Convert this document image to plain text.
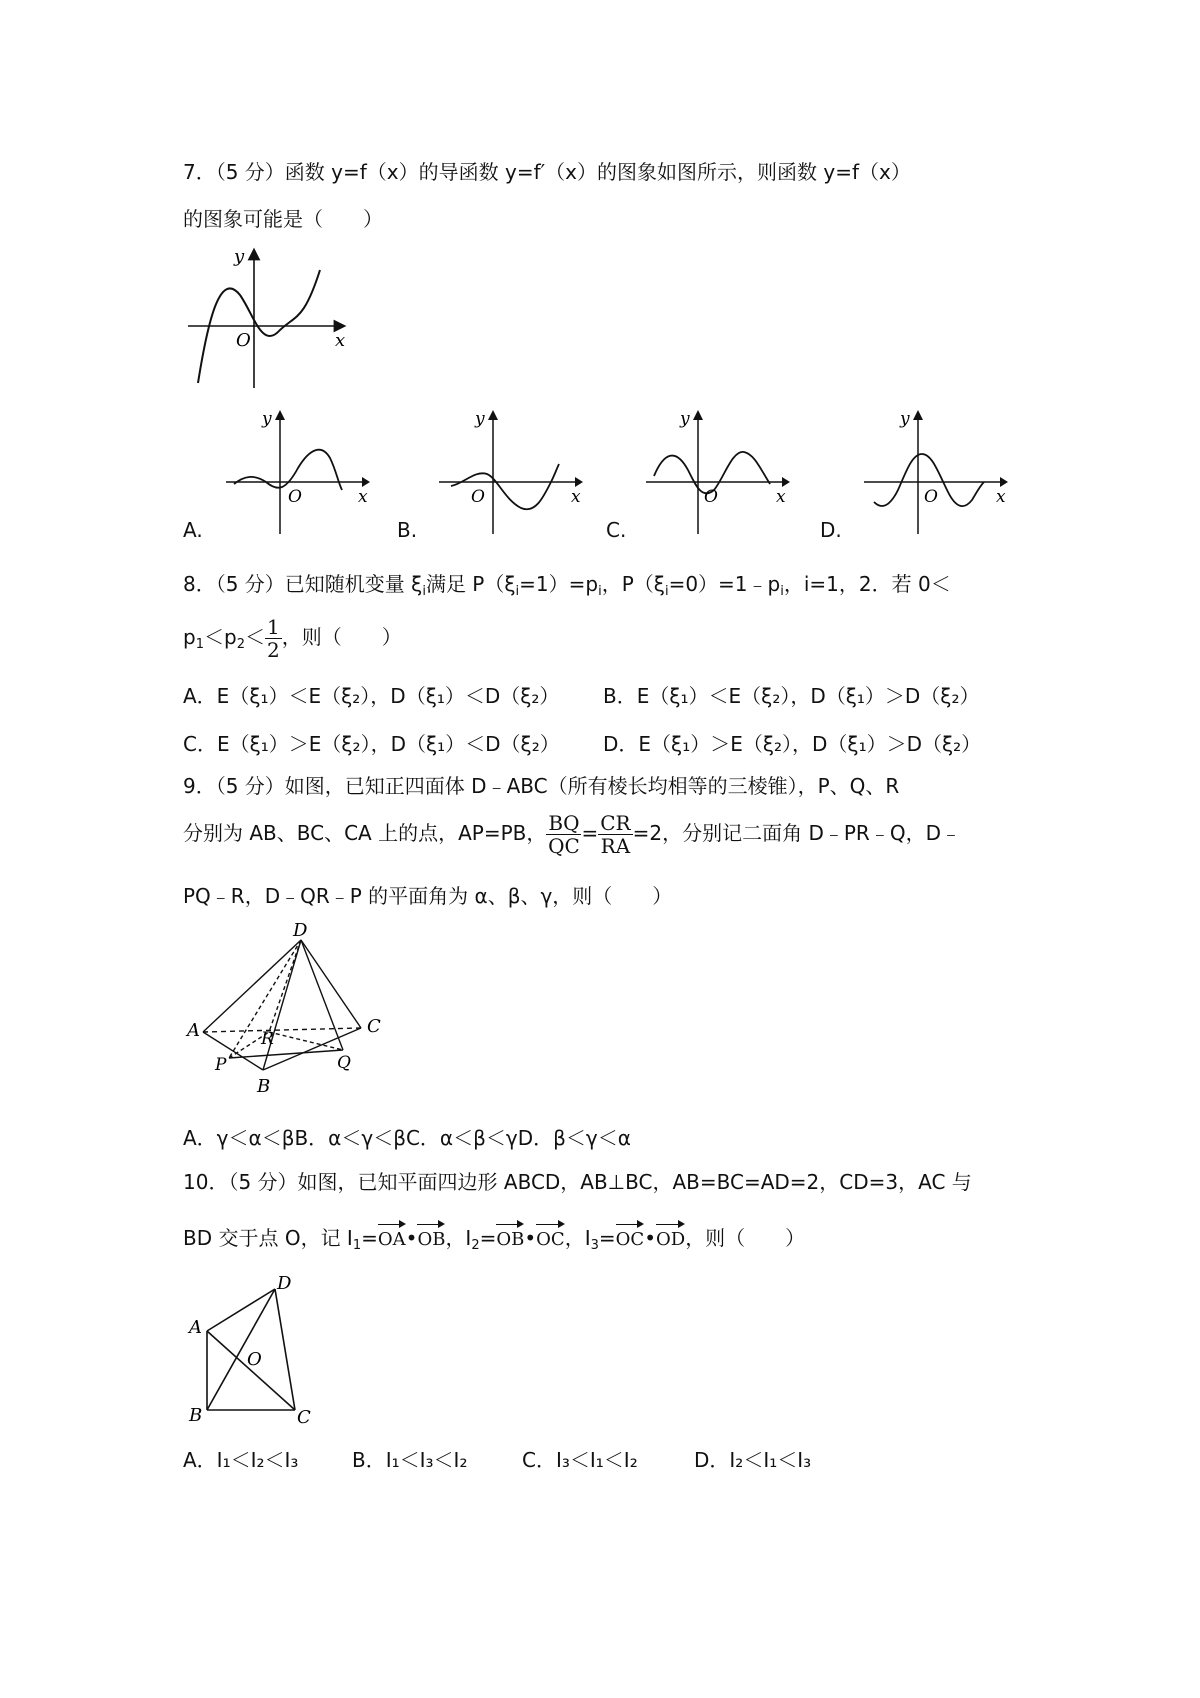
7．（5 分）函数 y=f（x）的导函数 y=f′（x）的图象如图所示，则函数 y=f（x）
的图象可能是（　　）
y
x
O
y
x
O
y
x
O
y
x
O
y
x
O
A.	B.	C.	D.
8．（5 分）已知随机变量 $\xi_i$满足 $P(\xi_i=1)=p_i$，$P(\xi_i=0)=1﹣p_i$，i=1，2．若 0＜
$p_1<p_2< \frac{1}{2}$ ，则（　　）
A．E（ξ₁）＜E（ξ₂），D（ξ₁）＜D（ξ₂） B．E（ξ₁）＜E（ξ₂），D（ξ₁）＞D（ξ₂）
C．E（ξ₁）＞E（ξ₂），D（ξ₁）＜D（ξ₂） D．E（ξ₁）＞E（ξ₂），D（ξ₁）＞D（ξ₂）
9．（5 分）如图，已知正四面体 D﹣ABC（所有棱长均相等的三棱锥），P、Q、R
分别为 AB、BC、CA 上的点，AP=PB， $\frac{BQ}{QC} = \frac{CR}{RA} =2$，分别记二面角 D﹣PR﹣Q，D﹣
PQ﹣R，D﹣QR﹣P 的平面角为 α、β、γ，则（　　）
D
A	C
R
P	Q
B
A．γ＜α＜βB．α＜γ＜βC．α＜β＜γD．β＜γ＜α
10．（5 分）如图，已知平面四边形 ABCD，AB⊥BC，AB=BC=AD=2，CD=3，AC 与
BD 交于点 O，记 $I_1=OA•OB$，$I_2=OB•OC$，$I_3=OC•OD$，则（　　）
D
A
O
B	C
A．I₁＜I₂＜I₃	B．I₁＜I₃＜I₂	C．I₃＜I₁＜I₂	D．I₂＜I₁＜I₃
